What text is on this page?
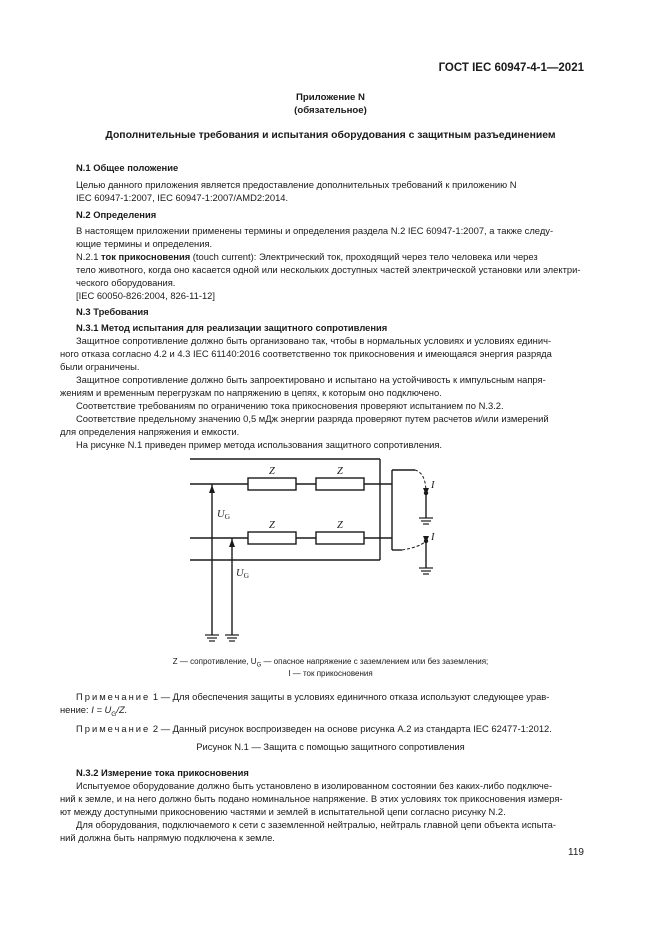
ГОСТ IEC 60947-4-1—2021
Приложение N
(обязательное)
Дополнительные требования и испытания оборудования с защитным разъединением
N.1 Общее положение
Целью данного приложения является предоставление дополнительных требований к приложению N
IEC 60947-1:2007, IEC 60947-1:2007/AMD2:2014.
N.2 Определения
В настоящем приложении применены термины и определения раздела N.2 IEC 60947-1:2007, а также следу-
ющие термины и определения.
N.2.1 ток прикосновения (touch current): Электрический ток, проходящий через тело человека или через
тело животного, когда оно касается одной или нескольких доступных частей электрической установки или электри-
ческого оборудования.
[IEC 60050-826:2004, 826-11-12]
N.3 Требования
N.3.1 Метод испытания для реализации защитного сопротивления
Защитное сопротивление должно быть организовано так, чтобы в нормальных условиях и условиях единич-
ного отказа согласно 4.2 и 4.3 IEC 61140:2016 соответственно ток прикосновения и имеющаяся энергия разряда
были ограничены.
Защитное сопротивление должно быть запроектировано и испытано на устойчивость к импульсным напря-
жениям и временным перегрузкам по напряжению в цепях, к которым оно подключено.
Соответствие требованиям по ограничению тока прикосновения проверяют испытанием по N.3.2.
Соответствие предельному значению 0,5 мДж энергии разряда проверяют путем расчетов и/или измерений
для определения напряжения и емкости.
На рисунке N.1 приведен пример метода использования защитного сопротивления.
Z	Z
Z	Z
UG
UG
I
I
Z — сопротивление, $U_G$ — опасное напряжение с заземлением или без заземления;
I — ток прикосновения
Примечание 1 — Для обеспечения защиты в условиях единичного отказа используют следующее урав-
нение: $I = U_G/Z$.
Примечание 2 — Данный рисунок воспроизведен на основе рисунка A.2 из стандарта IEC 62477-1:2012.
Рисунок N.1 — Защита с помощью защитного сопротивления
N.3.2 Измерение тока прикосновения
Испытуемое оборудование должно быть установлено в изолированном состоянии без каких-либо подключе-
ний к земле, и на него должно быть подано номинальное напряжение. В этих условиях ток прикосновения измеря-
ют между доступными прикосновению частями и землей в испытательной цепи согласно рисунку N.2.
Для оборудования, подключаемого к сети с заземленной нейтралью, нейтраль главной цепи объекта испыта-
ний должна быть напрямую подключена к земле.
119
